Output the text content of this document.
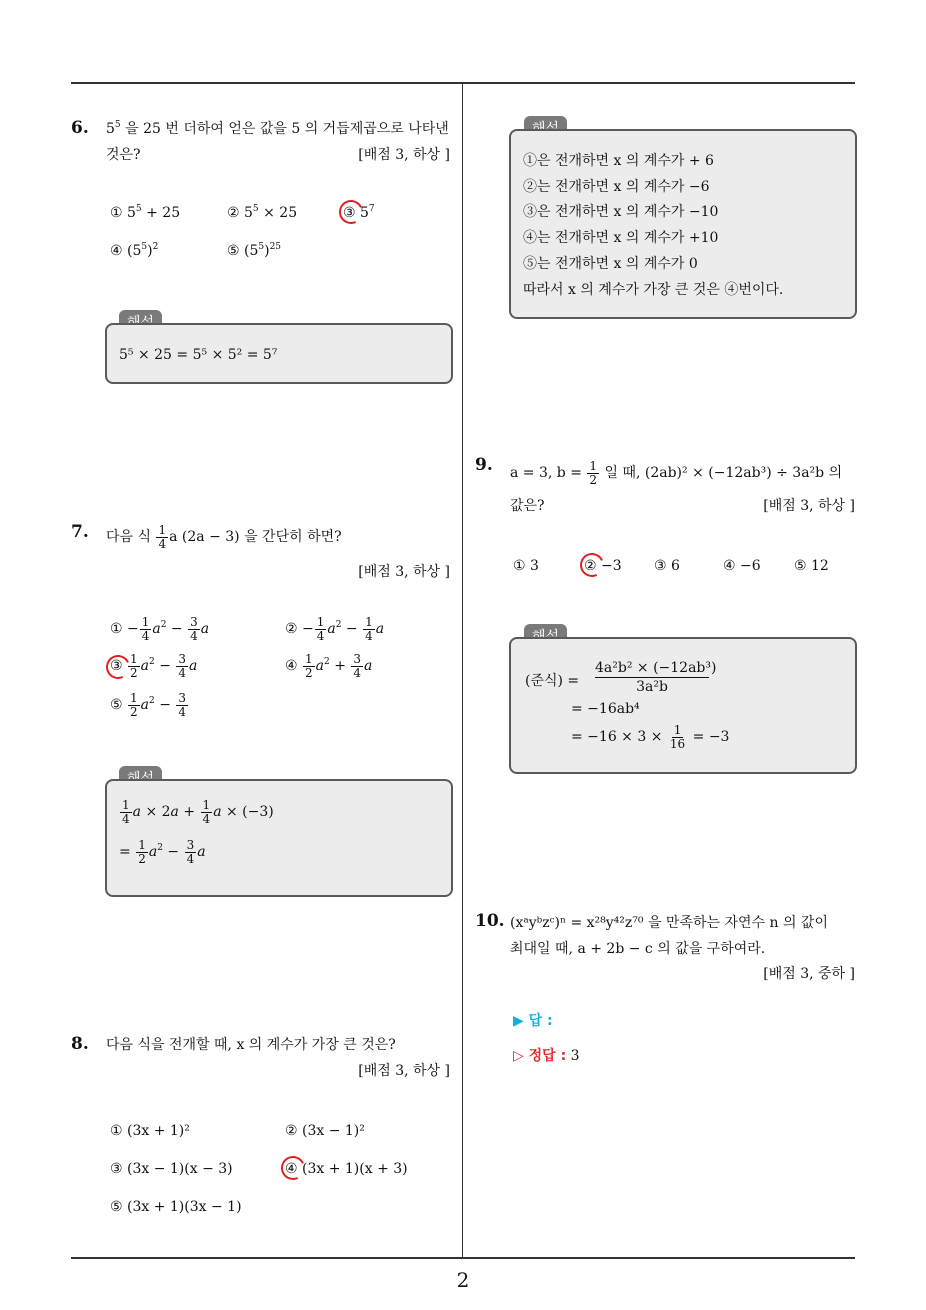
6. $5^5$ 을 25 번 더하여 얻은 값을 5 의 거듭제곱으로 나타낸
것은?	[배점 3, 하상 ]
① $5^5 + 25$	② $5^5 \times 25$	③ $5^7$
④ $(5^5)^2$	⑤ $(5^5)^{25}$
5⁵ × 25 = 5⁵ × 5² = 5⁷
7. 다음 식 $\frac{1}{4}$ a (2a − 3) 을 간단히 하면?
[배점 3, 하상 ]
① − $\frac{1}{4} a^2 - \frac{3}{4}$ a	② − $\frac{1}{4} a^2 - \frac{1}{4}$ a
③ $\frac{1}{2} a^2 - \frac{3}{4}$ a	④ $\frac{1}{2} a^2 + \frac{3}{4}$ a
⑤ $\frac{1}{2} a^2 - \frac{3}{4}$
$\frac{1}{4}$ $a \times 2a + \frac{1}{4}$ a × (−3)
= $\frac{1}{2} a^2 - \frac{3}{4}$ a
8. 다음 식을 전개할 때, x 의 계수가 가장 큰 것은?
[배점 3, 하상 ]
① (3x + 1)²	② (3x − 1)²
③ (3x − 1)(x − 3)	④ (3x + 1)(x + 3)
⑤ (3x + 1)(3x − 1)
①은 전개하면 x 의 계수가 + 6
②는 전개하면 x 의 계수가 −6
③은 전개하면 x 의 계수가 −10
④는 전개하면 x 의 계수가 +10
⑤는 전개하면 x 의 계수가 0
따라서 x 의 계수가 가장 큰 것은 ④번이다.
9. a = 3, $b = \frac{1}{2}$ 일 때, (2ab)² × (−12ab³) ÷ 3a²b 의
값은?	[배점 3, 하상 ]
① 3	② −3 ③ 6	④ −6 ⑤ 12
(준식) = $\frac{\text{4a²b² × (−12ab³)}}{\text{3a²b}}$
= −16ab⁴
= $-16 \times 3 \times \frac{1}{16} = -3$
10. (xᵃyᵇzᶜ)ⁿ = x²⁸y⁴²z⁷⁰ 을 만족하는 자연수 n 의 값이
최대일 때, a + 2b − c 의 값을 구하여라.
[배점 3, 중하 ]
▶ 답 :
▷ 정답 : 3
2
